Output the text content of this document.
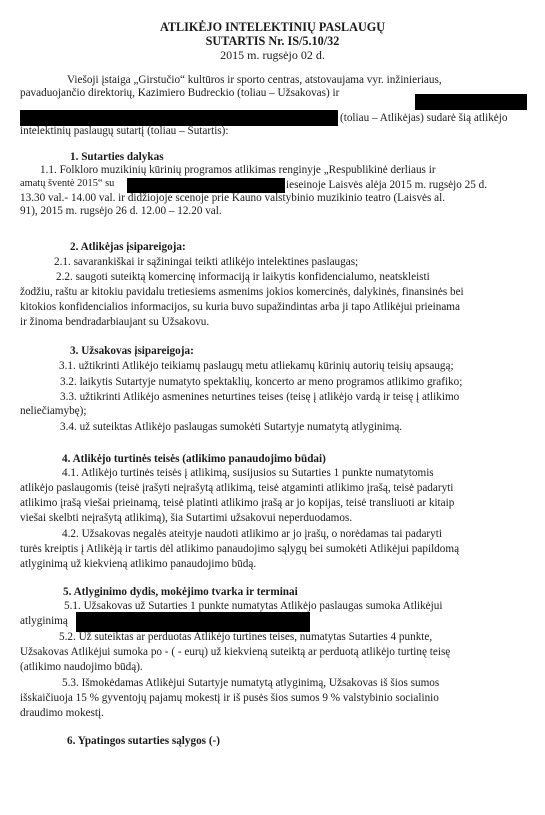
ATLIKĖJO INTELEKTINIŲ PASLAUGŲ
SUTARTIS Nr. IS/5.10/32
2015 m. rugsėjo 02 d.
Viešoji įstaiga „Girstučio“ kultūros ir sporto centras, atstovaujama vyr. inžinieriaus,
pavaduojančio direktorių, Kazimiero Budreckio (toliau – Užsakovas) ir
(toliau – Atlikėjas) sudarė šią atlikėjo
intelektinių paslaugų sutartį (toliau – Sutartis):
1. Sutarties dalykas
1.1. Folkloro muzikinių kūrinių programos atlikimas renginyje „Respublikinė derliaus ir
amatų šventė 2015“ su	ieseinoje Laisvės alėja 2015 m. rugsėjo 25 d.
13.30 val.- 14.00 val. ir didžiojoje scenoje prie Kauno valstybinio muzikinio teatro (Laisvės al.
91), 2015 m. rugsėjo 26 d. 12.00 – 12.20 val.
2. Atlikėjas įsipareigoja:
2.1. savarankiškai ir sąžiningai teikti atlikėjo intelektines paslaugas;
2.2. saugoti suteiktą komercinę informaciją ir laikytis konfidencialumo, neatskleisti
žodžiu, raštu ar kitokiu pavidalu tretiesiems asmenims jokios komercinės, dalykinės, finansinės bei
kitokios konfidencialios informacijos, su kuria buvo supažindintas arba ji tapo Atlikėjui prieinama
ir žinoma bendradarbiaujant su Užsakovu.
3. Užsakovas įsipareigoja:
3.1. užtikrinti Atlikėjo teikiamų paslaugų metu atliekamų kūrinių autorių teisių apsaugą;
3.2. laikytis Sutartyje numatyto spektaklių, koncerto ar meno programos atlikimo grafiko;
3.3. užtikrinti Atlikėjo asmenines neturtines teises (teisę į atlikėjo vardą ir teisę į atlikimo
neliečiamybę);
3.4. už suteiktas Atlikėjo paslaugas sumokėti Sutartyje numatytą atlyginimą.
4. Atlikėjo turtinės teisės (atlikimo panaudojimo būdai)
4.1. Atlikėjo turtinės teisės į atlikimą, susijusios su Sutarties 1 punkte numatytomis
atlikėjo paslaugomis (teisė įrašyti neįrašytą atlikimą, teisė atgaminti atlikimo įrašą, teisė padaryti
atlikimo įrašą viešai prieinamą, teisė platinti atlikimo įrašą ar jo kopijas, teisė transliuoti ar kitaip
viešai skelbti neįrašytą atlikimą), šia Sutartimi užsakovui neperduodamos.
4.2. Užsakovas negalės ateityje naudoti atlikimo ar jo įrašų, o norėdamas tai padaryti
turės kreiptis į Atlikėją ir tartis dėl atlikimo panaudojimo sąlygų bei sumokėti Atlikėjui papildomą
atlyginimą už kiekvieną atlikimo panaudojimo būdą.
5. Atlyginimo dydis, mokėjimo tvarka ir terminai
5.1. Užsakovas už Sutarties 1 punkte numatytas Atlikėjo paslaugas sumoka Atlikėjui
atlyginimą
5.2. Už suteiktas ar perduotas Atlikėjo turtines teises, numatytas Sutarties 4 punkte,
Užsakovas Atlikėjui sumoka po - ( - eurų) už kiekvieną suteiktą ar perduotą atlikėjo turtinę teisę
(atlikimo naudojimo būdą).
5.3. Išmokėdamas Atlikėjui Sutartyje numatytą atlyginimą, Užsakovas iš šios sumos
išskaičiuoja 15 % gyventojų pajamų mokestį ir iš pusės šios sumos 9 % valstybinio socialinio
draudimo mokestį.
6. Ypatingos sutarties sąlygos (-)
